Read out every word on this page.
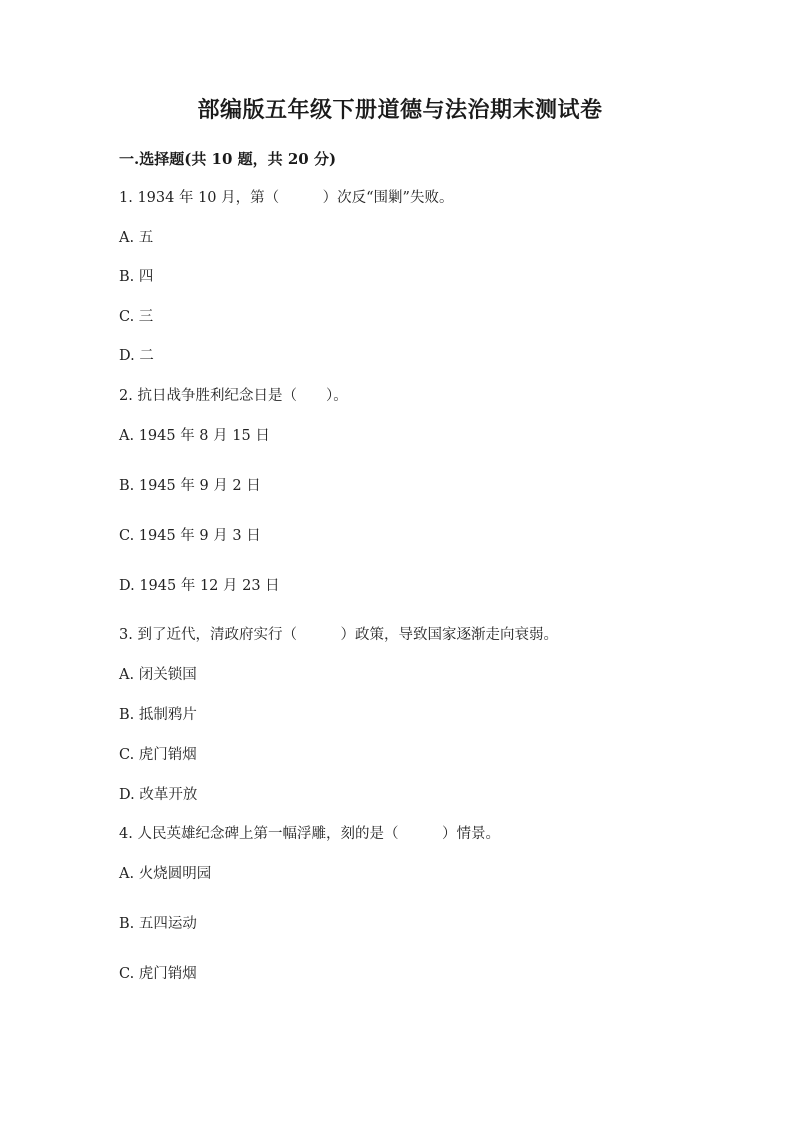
部编版五年级下册道德与法治期末测试卷
一.选择题(共 10 题，共 20 分)
1. 1934 年 10 月，第（　　　）次反“围剿”失败。
A. 五
B. 四
C. 三
D. 二
2. 抗日战争胜利纪念日是（　　）。
A. 1945 年 8 月 15 日
B. 1945 年 9 月 2 日
C. 1945 年 9 月 3 日
D. 1945 年 12 月 23 日
3. 到了近代，清政府实行（　　　）政策，导致国家逐渐走向衰弱。
A. 闭关锁国
B. 抵制鸦片
C. 虎门销烟
D. 改革开放
4. 人民英雄纪念碑上第一幅浮雕，刻的是（　　　）情景。
A. 火烧圆明园
B. 五四运动
C. 虎门销烟
